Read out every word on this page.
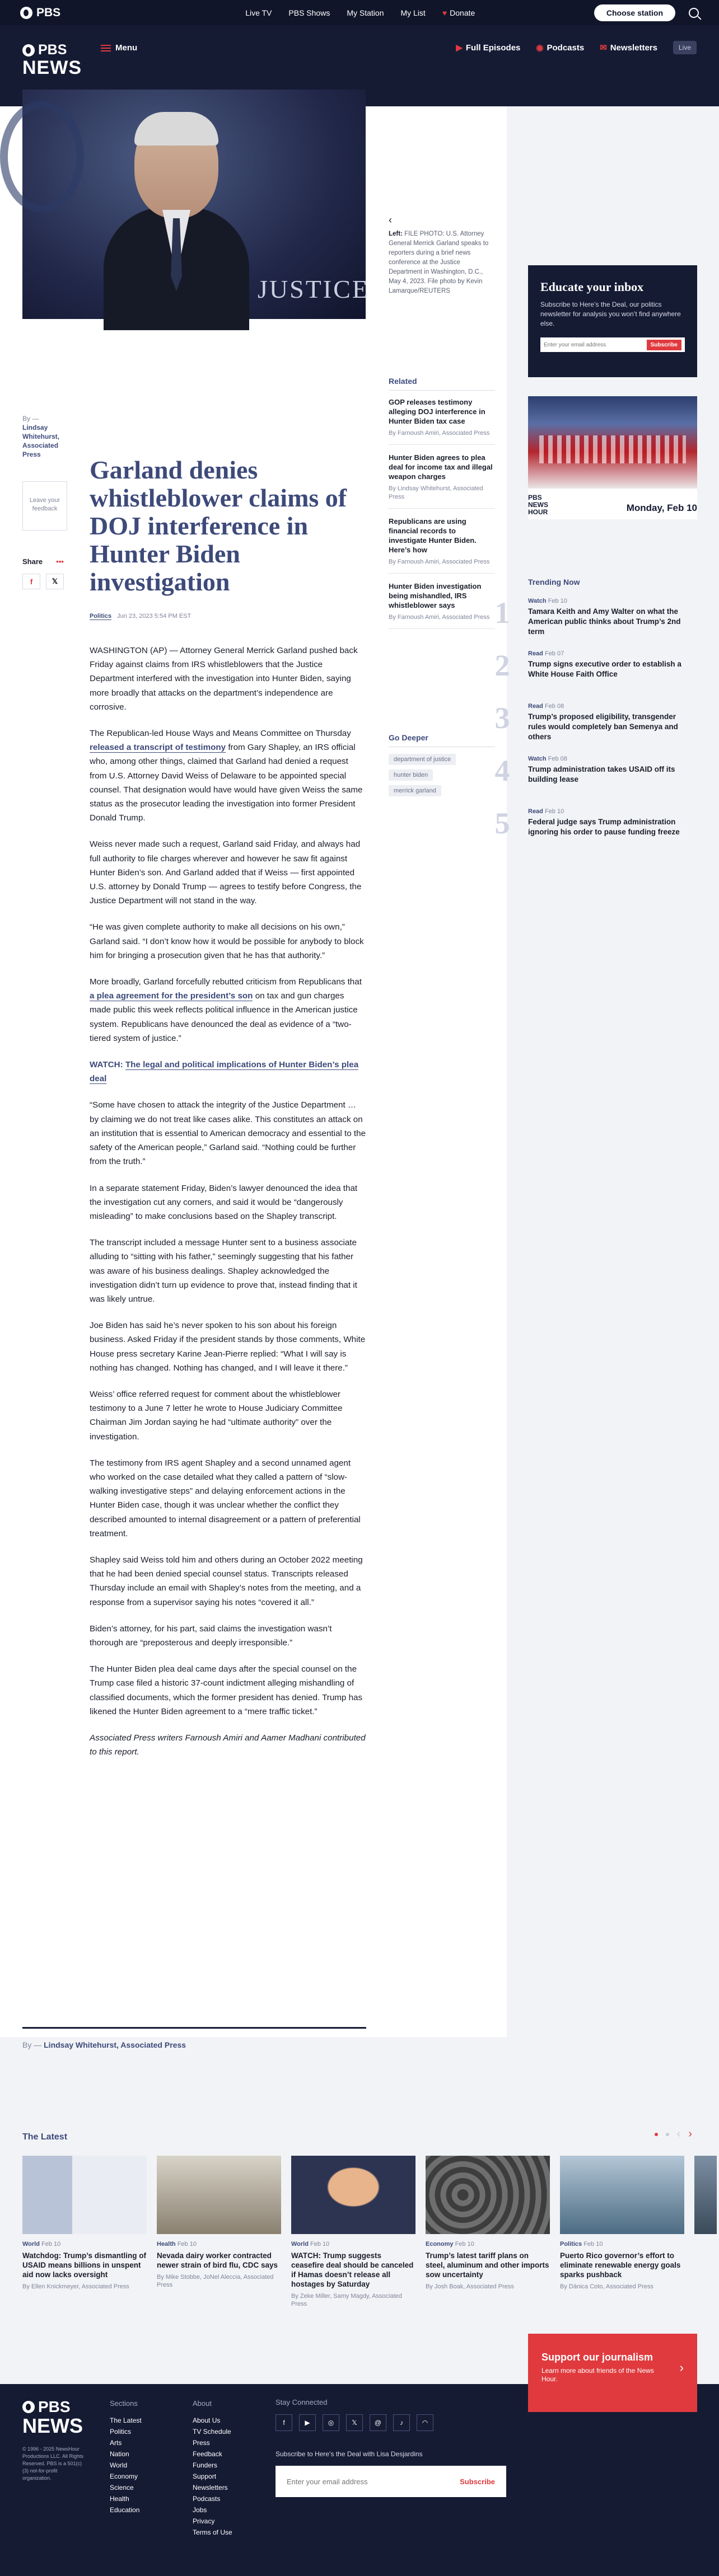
PBS	Live TV PBS Shows My Station My List ♥ Donate	Choose station
PBS
NEWS
Menu	▶ Full Episodes ◉ Podcasts ✉ Newsletters	Live
JUSTICE
‹
Left: FILE PHOTO: U.S. Attorney General Merrick Garland speaks to reporters during a brief news conference at the Justice Department in Washington, D.C., May 4, 2023. File photo by Kevin Lamarque/REUTERS
Related
GOP releases testimony alleging DOJ interference in Hunter Biden tax case
By Farnoush Amiri, Associated Press
Hunter Biden agrees to plea deal for income tax and illegal weapon charges
By Lindsay Whitehurst, Associated Press
Republicans are using financial records to investigate Hunter Biden. Here’s how
By Farnoush Amiri, Associated Press
Hunter Biden investigation being mishandled, IRS whistleblower says
By Farnoush Amiri, Associated Press
Go Deeper
department of justice
hunter biden
merrick garland
By —
Lindsay Whitehurst, Associated Press
Leave your feedback
Share •••
f	𝕏
Garland denies whistleblower claims of DOJ interference in Hunter Biden investigation
Politics Jun 23, 2023 5:54 PM EST

WASHINGTON (AP) — Attorney General Merrick Garland pushed back Friday against claims from IRS whistleblowers that the Justice Department interfered with the investigation into Hunter Biden, saying more broadly that attacks on the department’s independence are corrosive.

The Republican-led House Ways and Means Committee on Thursday released a transcript of testimony from Gary Shapley, an IRS official who, among other things, claimed that Garland had denied a request from U.S. Attorney David Weiss of Delaware to be appointed special counsel. That designation would have would have given Weiss the same status as the prosecutor leading the investigation into former President Donald Trump.

Weiss never made such a request, Garland said Friday, and always had full authority to file charges wherever and however he saw fit against Hunter Biden’s son. And Garland added that if Weiss — first appointed U.S. attorney by Donald Trump — agrees to testify before Congress, the Justice Department will not stand in the way.

“He was given complete authority to make all decisions on his own,” Garland said. “I don’t know how it would be possible for anybody to block him for bringing a prosecution given that he has that authority.”

More broadly, Garland forcefully rebutted criticism from Republicans that a plea agreement for the president’s son on tax and gun charges made public this week reflects political influence in the American justice system. Republicans have denounced the deal as evidence of a “two-tiered system of justice.”

WATCH: The legal and political implications of Hunter Biden’s plea deal

“Some have chosen to attack the integrity of the Justice Department … by claiming we do not treat like cases alike. This constitutes an attack on an institution that is essential to American democracy and essential to the safety of the American people,” Garland said. “Nothing could be further from the truth.”

In a separate statement Friday, Biden’s lawyer denounced the idea that the investigation cut any corners, and said it would be “dangerously misleading” to make conclusions based on the Shapley transcript.

The transcript included a message Hunter sent to a business associate alluding to “sitting with his father,” seemingly suggesting that his father was aware of his business dealings. Shapley acknowledged the investigation didn’t turn up evidence to prove that, instead finding that it was likely untrue.

Joe Biden has said he’s never spoken to his son about his foreign business. Asked Friday if the president stands by those comments, White House press secretary Karine Jean-Pierre replied: “What I will say is nothing has changed. Nothing has changed, and I will leave it there.”

Weiss’ office referred request for comment about the whistleblower testimony to a June 7 letter he wrote to House Judiciary Committee Chairman Jim Jordan saying he had “ultimate authority” over the investigation.

The testimony from IRS agent Shapley and a second unnamed agent who worked on the case detailed what they called a pattern of “slow-walking investigative steps” and delaying enforcement actions in the Hunter Biden case, though it was unclear whether the conflict they described amounted to internal disagreement or a pattern of preferential treatment.

Shapley said Weiss told him and others during an October 2022 meeting that he had been denied special counsel status. Transcripts released Thursday include an email with Shapley’s notes from the meeting, and a response from a supervisor saying his notes “covered it all.”

Biden’s attorney, for his part, said claims the investigation wasn’t thorough are “preposterous and deeply irresponsible.”

The Hunter Biden plea deal came days after the special counsel on the Trump case filed a historic 37-count indictment alleging mishandling of classified documents, which the former president has denied. Trump has likened the Hunter Biden agreement to a “mere traffic ticket.”

Associated Press writers Farnoush Amiri and Aamer Madhani contributed to this report.

By — Lindsay Whitehurst, Associated Press
Educate your inbox

Subscribe to Here’s the Deal, our politics newsletter for analysis you won’t find anywhere else.

Enter your email address
Subscribe
PBS
NEWS
HOUR	Monday, Feb 10
Trending Now
1	Watch Feb 10
Tamara Keith and Amy Walter on what the American public thinks about Trump’s 2nd term
2	Read Feb 07
Trump signs executive order to establish a White House Faith Office
3	Read Feb 08
Trump’s proposed eligibility, transgender rules would completely ban Semenya and others
4	Watch Feb 08
Trump administration takes USAID off its building lease
5	Read Feb 10
Federal judge says Trump administration ignoring his order to pause funding freeze
The Latest	‹ ›
World Feb 10
Watchdog: Trump’s dismantling of USAID means billions in unspent aid now lacks oversight
By Ellen Knickmeyer, Associated Press
Health Feb 10
Nevada dairy worker contracted newer strain of bird flu, CDC says
By Mike Stobbe, JoNel Aleccia, Associated Press
World Feb 10
WATCH: Trump suggests ceasefire deal should be canceled if Hamas doesn’t release all hostages by Saturday
By Zeke Miller, Samy Magdy, Associated Press
Economy Feb 10
Trump’s latest tariff plans on steel, aluminum and other imports sow uncertainty
By Josh Boak, Associated Press
Politics Feb 10
Puerto Rico governor’s effort to eliminate renewable energy goals sparks pushback
By Dánica Coto, Associated Press
Support our journalism
Learn more about friends of the News Hour.
›
PBS
NEWS
© 1996 - 2025 NewsHour Productions LLC. All Rights Reserved. PBS is a 501(c)(3) not-for-profit organization.
Sections
The Latest
Politics
Arts
Nation
World
Economy
Science
Health
Education
About
About Us
TV Schedule
Press
Feedback
Funders
Support
Newsletters
Podcasts
Jobs
Privacy
Terms of Use
Stay Connected
f	▶	◎	𝕏	@	♪	◠
Subscribe to Here’s the Deal with Lisa Desjardins
Enter your email address
Subscribe
